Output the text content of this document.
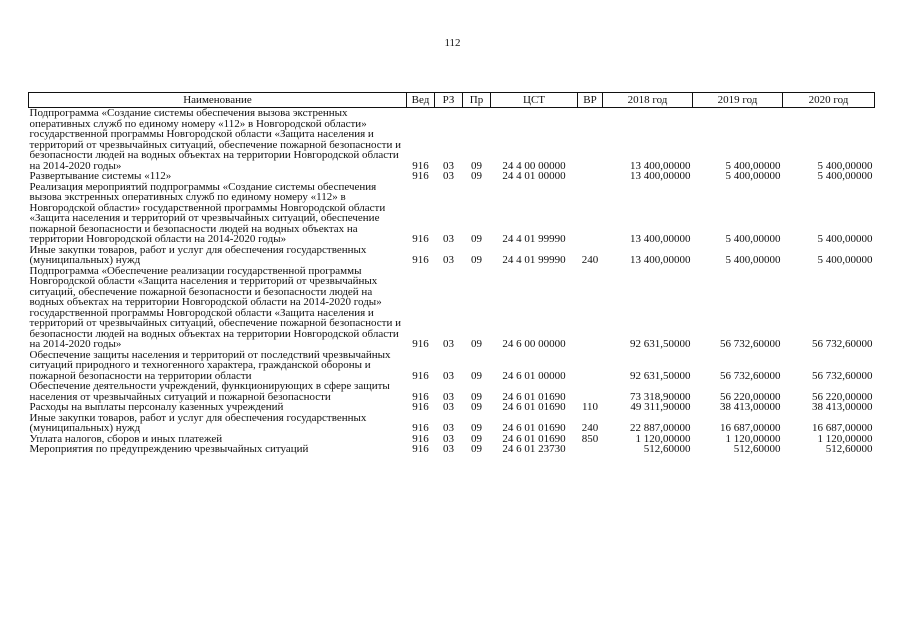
112
Наименование	Вед	РЗ	Пр	ЦСТ	ВР	2018 год	2019 год	2020 год
Подпрограмма «Создание системы обеспечения вызова экстренных оперативных служб по единому номеру «112» в Новгородской области» государственной программы Новгородской области «Защита населения и территорий от чрезвычайных ситуаций, обеспечение пожарной безопасности и безопасности людей на водных объектах на территории Новгородской области на 2014-2020 годы»	916	03	09	24 4 00 00000		13 400,00000	5 400,00000	5 400,00000
Развертывание системы «112»	916	03	09	24 4 01 00000		13 400,00000	5 400,00000	5 400,00000
Реализация мероприятий подпрограммы «Создание системы обеспечения вызова экстренных оперативных служб по единому номеру «112» в Новгородской области» государственной программы Новгородской области «Защита населения и территорий от чрезвычайных ситуаций, обеспечение пожарной безопасности и безопасности людей на водных объектах на территории Новгородской области на 2014-2020 годы»	916	03	09	24 4 01 99990		13 400,00000	5 400,00000	5 400,00000
Иные закупки товаров, работ и услуг для обеспечения государственных (муниципальных) нужд	916	03	09	24 4 01 99990	240	13 400,00000	5 400,00000	5 400,00000
Подпрограмма «Обеспечение реализации государственной программы Новгородской области «Защита населения и территорий от чрезвычайных ситуаций, обеспечение пожарной безопасности и безопасности людей на водных объектах на территории Новгородской области на 2014-2020 годы» государственной программы Новгородской области «Защита населения и территорий от чрезвычайных ситуаций, обеспечение пожарной безопасности и безопасности людей на водных объектах на территории Новгородской области на 2014-2020 годы»	916	03	09	24 6 00 00000		92 631,50000	56 732,60000	56 732,60000
Обеспечение защиты населения и территорий от последствий чрезвычайных ситуаций природного и техногенного характера, гражданской обороны и пожарной безопасности на территории области	916	03	09	24 6 01 00000		92 631,50000	56 732,60000	56 732,60000
Обеспечение деятельности учреждений, функционирующих в сфере защиты населения от чрезвычайных ситуаций и пожарной безопасности	916	03	09	24 6 01 01690		73 318,90000	56 220,00000	56 220,00000
Расходы на выплаты персоналу казенных учреждений	916	03	09	24 6 01 01690	110	49 311,90000	38 413,00000	38 413,00000
Иные закупки товаров, работ и услуг для обеспечения государственных (муниципальных) нужд	916	03	09	24 6 01 01690	240	22 887,00000	16 687,00000	16 687,00000
Уплата налогов, сборов и иных платежей	916	03	09	24 6 01 01690	850	1 120,00000	1 120,00000	1 120,00000
Мероприятия по предупреждению чрезвычайных ситуаций	916	03	09	24 6 01 23730		512,60000	512,60000	512,60000
